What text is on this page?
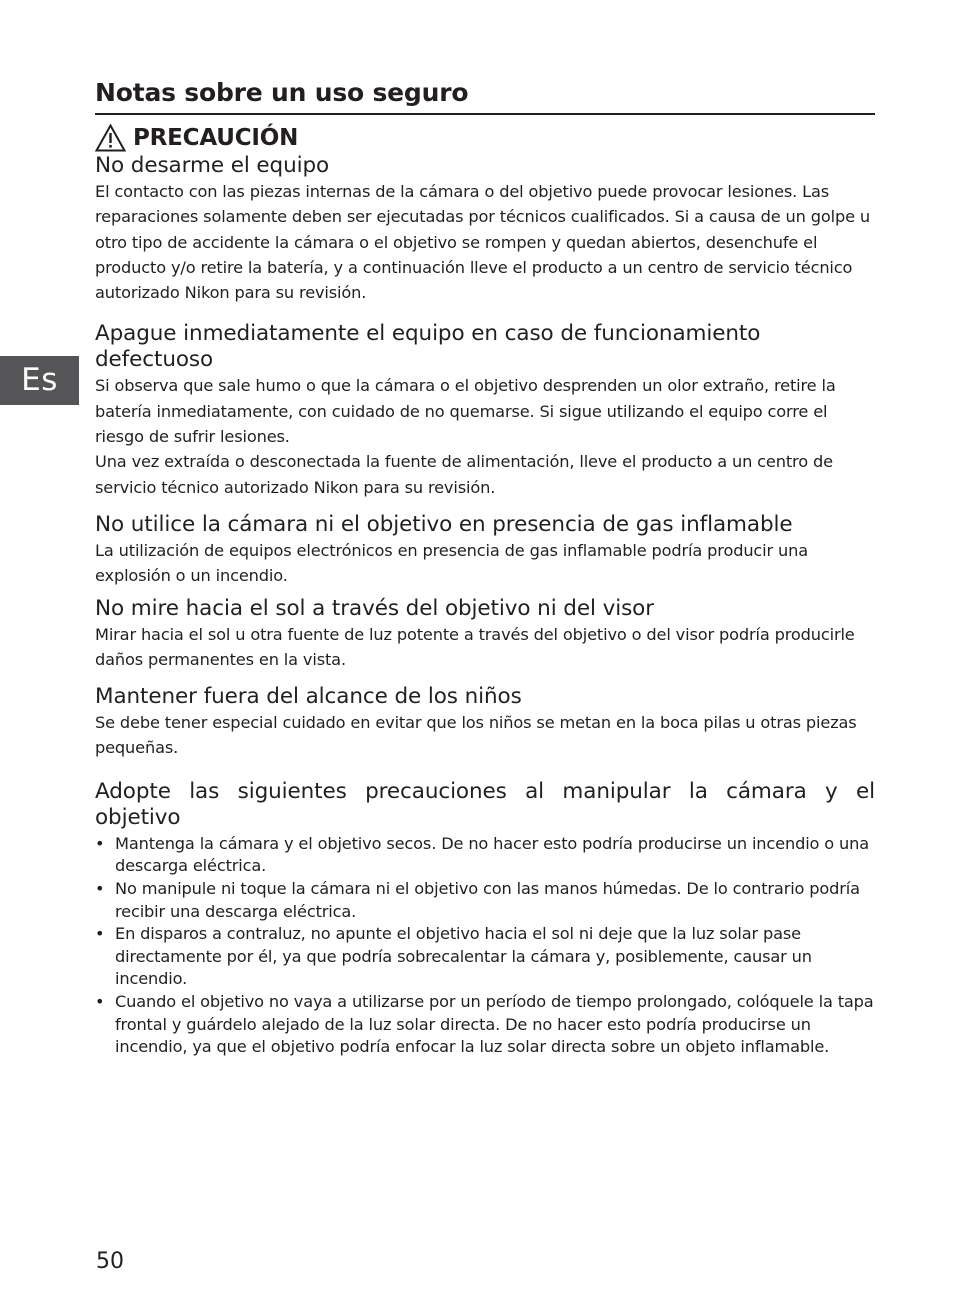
Es
Notas sobre un uso seguro
PRECAUCIÓN
No desarme el equipo

El contacto con las piezas internas de la cámara o del objetivo puede provocar lesiones. Las reparaciones solamente deben ser ejecutadas por técnicos cualificados. Si a causa de un golpe u otro tipo de accidente la cámara o el objetivo se rompen y quedan abiertos, desenchufe el producto y/o retire la batería, y a continuación lleve el producto a un centro de servicio técnico autorizado Nikon para su revisión.

Apague inmediatamente el equipo en caso de funcionamiento defectuoso

Si observa que sale humo o que la cámara o el objetivo desprenden un olor extraño, retire la batería inmediatamente, con cuidado de no quemarse. Si sigue utilizando el equipo corre el riesgo de sufrir lesiones.

Una vez extraída o desconectada la fuente de alimentación, lleve el producto a un centro de servicio técnico autorizado Nikon para su revisión.

No utilice la cámara ni el objetivo en presencia de gas inflamable

La utilización de equipos electrónicos en presencia de gas inflamable podría producir una explosión o un incendio.

No mire hacia el sol a través del objetivo ni del visor

Mirar hacia el sol u otra fuente de luz potente a través del objetivo o del visor podría producirle daños permanentes en la vista.

Mantener fuera del alcance de los niños

Se debe tener especial cuidado en evitar que los niños se metan en la boca pilas u otras piezas pequeñas.

Adopte las siguientes precauciones al manipular la cámara y el objetivo
• Mantenga la cámara y el objetivo secos. De no hacer esto podría producirse un incendio o una descarga eléctrica.
• No manipule ni toque la cámara ni el objetivo con las manos húmedas. De lo contrario podría recibir una descarga eléctrica.
• En disparos a contraluz, no apunte el objetivo hacia el sol ni deje que la luz solar pase directamente por él, ya que podría sobrecalentar la cámara y, posiblemente, causar un incendio.
• Cuando el objetivo no vaya a utilizarse por un período de tiempo prolongado, colóquele la tapa frontal y guárdelo alejado de la luz solar directa. De no hacer esto podría producirse un incendio, ya que el objetivo podría enfocar la luz solar directa sobre un objeto inflamable.
50
